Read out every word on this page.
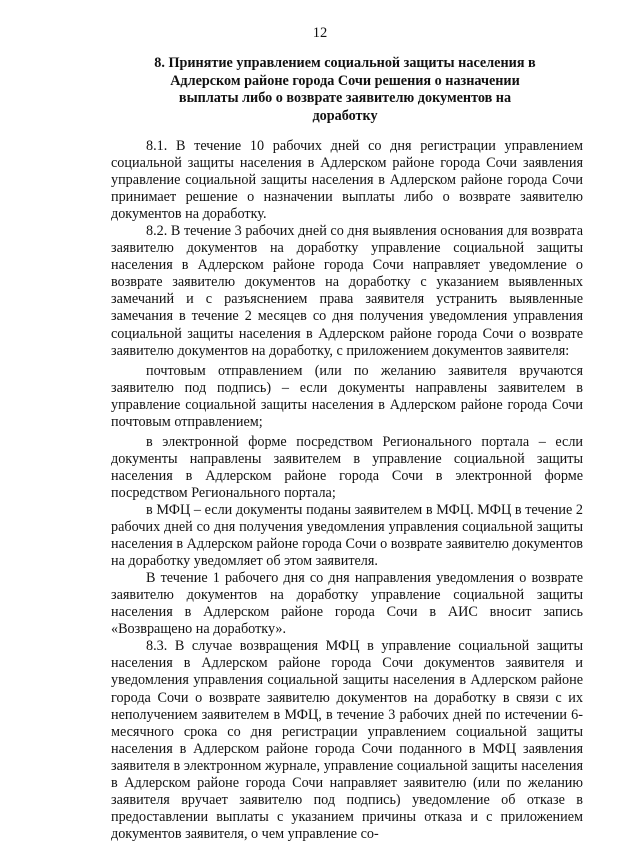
12
8. Принятие управлением социальной защиты населения в Адлерском районе города Сочи решения о назначении выплаты либо о возврате заявителю документов на доработку

8.1. В течение 10 рабочих дней со дня регистрации управлением социальной защиты населения в Адлерском районе города Сочи заявления управление социальной защиты населения в Адлерском районе города Сочи принимает решение о назначении выплаты либо о возврате заявителю документов на доработку.

8.2. В течение 3 рабочих дней со дня выявления основания для возврата заявителю документов на доработку управление социальной защиты населения в Адлерском районе города Сочи направляет уведомление о возврате заявителю документов на доработку с указанием выявленных замечаний и с разъяснением права заявителя устранить выявленные замечания в течение 2 месяцев со дня получения уведомления управления социальной защиты населения в Адлерском районе города Сочи о возврате заявителю документов на доработку, с приложением документов заявителя:

почтовым отправлением (или по желанию заявителя вручаются заявителю под подпись) – если документы направлены заявителем в управление социальной защиты населения в Адлерском районе города Сочи почтовым отправлением;

в электронной форме посредством Регионального портала – если документы направлены заявителем в управление социальной защиты населения в Адлерском районе города Сочи в электронной форме посредством Регионального портала;

в МФЦ – если документы поданы заявителем в МФЦ. МФЦ в течение 2 рабочих дней со дня получения уведомления управления социальной защиты населения в Адлерском районе города Сочи о возврате заявителю документов на доработку уведомляет об этом заявителя.

В течение 1 рабочего дня со дня направления уведомления о возврате заявителю документов на доработку управление социальной защиты населения в Адлерском районе города Сочи в АИС вносит запись «Возвращено на доработку».

8.3. В случае возвращения МФЦ в управление социальной защиты населения в Адлерском районе города Сочи документов заявителя и уведомления управления социальной защиты населения в Адлерском районе города Сочи о возврате заявителю документов на доработку в связи с их неполучением заявителем в МФЦ, в течение 3 рабочих дней по истечении 6-месячного срока со дня регистрации управлением социальной защиты населения в Адлерском районе города Сочи поданного в МФЦ заявления заявителя в электронном журнале, управление социальной защиты населения в Адлерском районе города Сочи направляет заявителю (или по желанию заявителя вручает заявителю под подпись) уведомление об отказе в предоставлении выплаты с указанием причины отказа и с приложением документов заявителя, о чем управление со-
